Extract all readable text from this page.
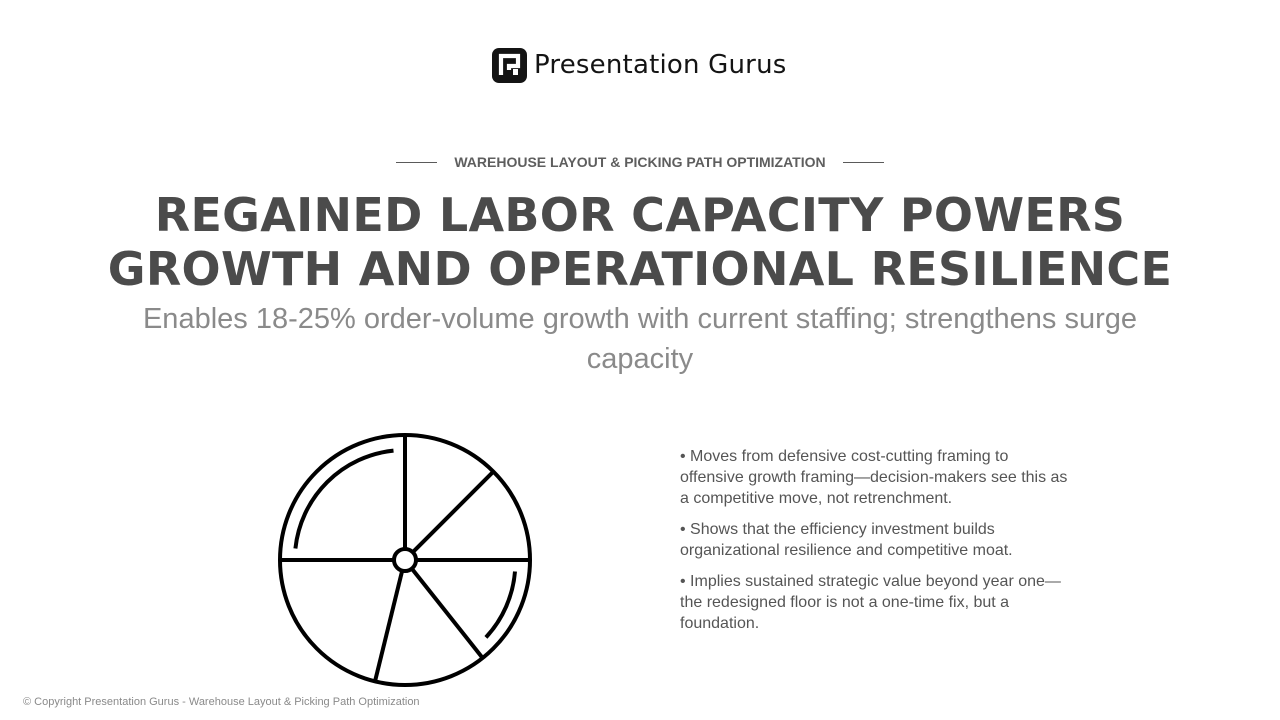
Presentation Gurus
WAREHOUSE LAYOUT & PICKING PATH OPTIMIZATION
REGAINED LABOR CAPACITY POWERS GROWTH AND OPERATIONAL RESILIENCE

Enables 18-25% order-volume growth with current staffing; strengthens surge capacity

• Moves from defensive cost-cutting framing to offensive growth framing—decision-makers see this as a competitive move, not retrenchment.
• Shows that the efficiency investment builds organizational resilience and competitive moat.
• Implies sustained strategic value beyond year one—the redesigned floor is not a one-time fix, but a foundation.
© Copyright Presentation Gurus - Warehouse Layout & Picking Path Optimization
